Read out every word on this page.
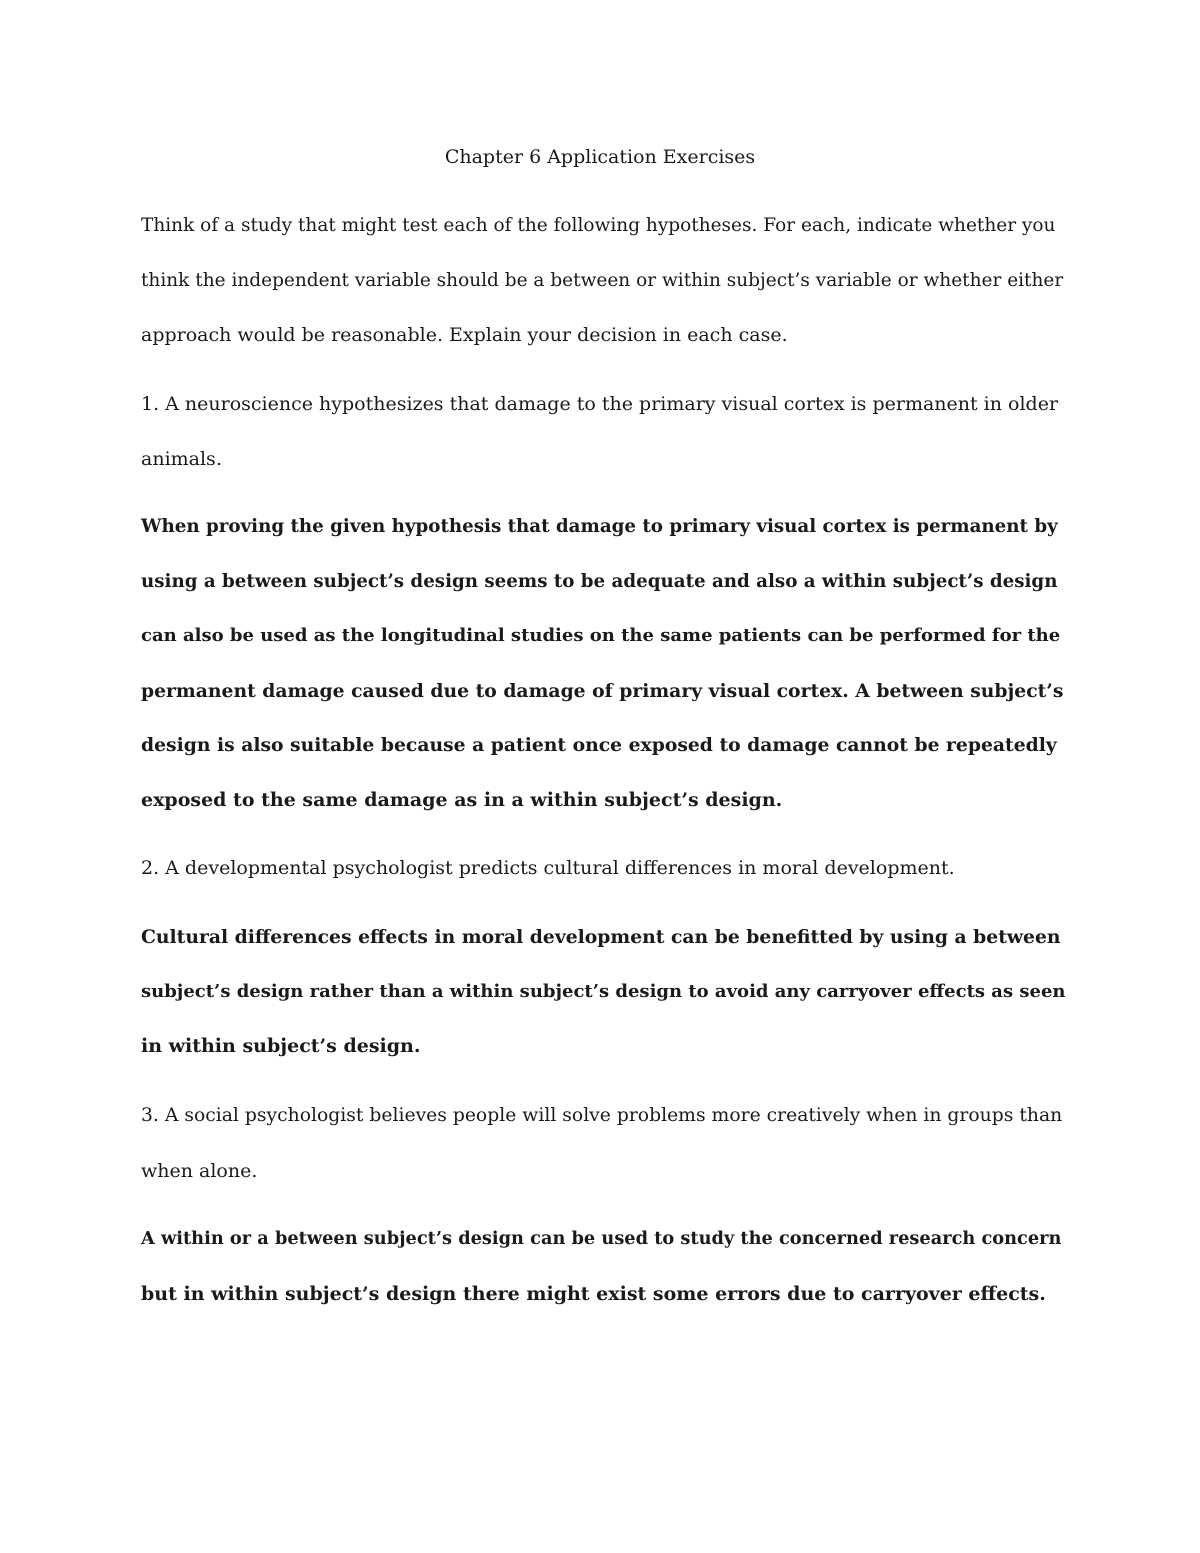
Chapter 6 Application Exercises

Think of a study that might test each of the following hypotheses. For each, indicate whether you
think the independent variable should be a between or within subject’s variable or whether either
approach would be reasonable. Explain your decision in each case.

1. A neuroscience hypothesizes that damage to the primary visual cortex is permanent in older
animals.

When proving the given hypothesis that damage to primary visual cortex is permanent by
using a between subject’s design seems to be adequate and also a within subject’s design
can also be used as the longitudinal studies on the same patients can be performed for the
permanent damage caused due to damage of primary visual cortex. A between subject’s
design is also suitable because a patient once exposed to damage cannot be repeatedly
exposed to the same damage as in a within subject’s design.

2. A developmental psychologist predicts cultural differences in moral development.

Cultural differences effects in moral development can be benefitted by using a between
subject’s design rather than a within subject’s design to avoid any carryover effects as seen
in within subject’s design.

3. A social psychologist believes people will solve problems more creatively when in groups than
when alone.

A within or a between subject’s design can be used to study the concerned research concern
but in within subject’s design there might exist some errors due to carryover effects.
